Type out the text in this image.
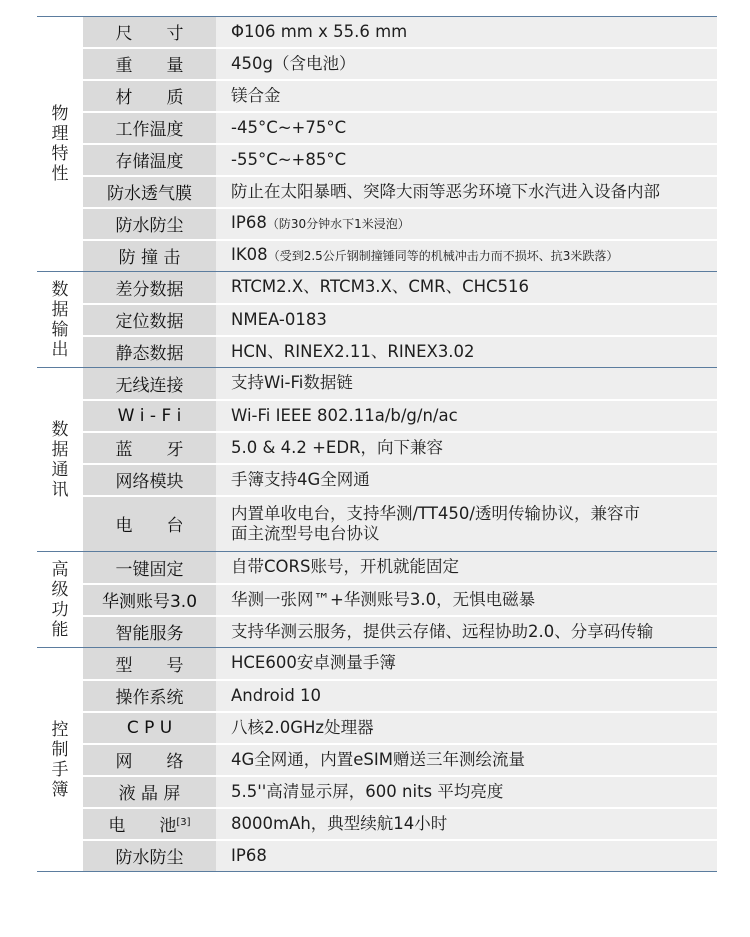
物理特性	尺　　寸	Φ106 mm x 55.6 mm
	重　　量	450g（含电池）
	材　　质	镁合金
	工作温度	-45°C~+75°C
	存储温度	-55°C~+85°C
	防水透气膜	防止在太阳暴晒、突降大雨等恶劣环境下水汽进入设备内部
	防水防尘	IP68（防30分钟水下1米浸泡）
	防 撞 击	IK08（受到2.5公斤钢制撞锤同等的机械冲击力而不损坏、抗3米跌落）
数据输出	差分数据	RTCM2.X、RTCM3.X、CMR、CHC516
	定位数据	NMEA-0183
	静态数据	HCN、RINEX2.11、RINEX3.02
数据通讯	无线连接	支持Wi-Fi数据链
	W i - F i	Wi-Fi IEEE 802.11a/b/g/n/ac
	蓝　　牙	5.0 & 4.2 +EDR，向下兼容
	网络模块	手簿支持4G全网通
	电　　台	内置单收电台，支持华测/TT450/透明传输协议，兼容市面主流型号电台协议
高级功能	一键固定	自带CORS账号，开机就能固定
	华测账号3.0	华测一张网™+华测账号3.0，无惧电磁暴
	智能服务	支持华测云服务，提供云存储、远程协助2.0、分享码传输
控制手簿	型　　号	HCE600安卓测量手簿
	操作系统	Android 10
	C P U	八核2.0GHz处理器
	网　　络	4G全网通，内置eSIM赠送三年测绘流量
	液 晶 屏	5.5''高清显示屏，600 nits 平均亮度
	电　　池[3]	8000mAh，典型续航14小时
	防水防尘	IP68
